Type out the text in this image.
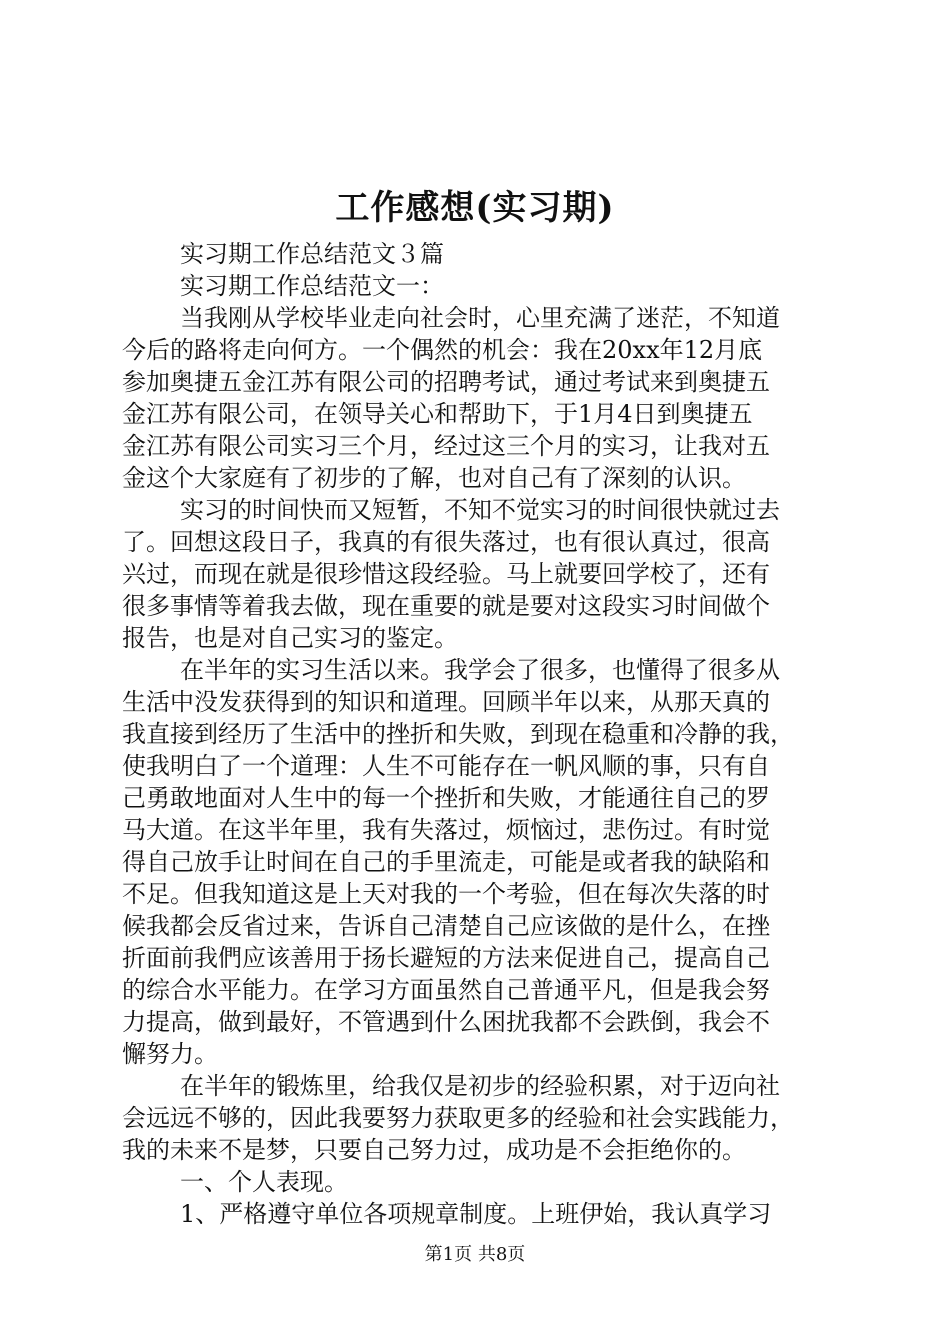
工作感想(实习期)
实习期工作总结范文３篇
实习期工作总结范文一：
当我刚从学校毕业走向社会时，心里充满了迷茫，不知道
今后的路将走向何方。一个偶然的机会：我在20xx年12月底
参加奥捷五金江苏有限公司的招聘考试，通过考试来到奥捷五
金江苏有限公司，在领导关心和帮助下，于1月4日到奥捷五
金江苏有限公司实习三个月，经过这三个月的实习，让我对五
金这个大家庭有了初步的了解，也对自己有了深刻的认识。
实习的时间快而又短暂，不知不觉实习的时间很快就过去
了。回想这段日子，我真的有很失落过，也有很认真过，很高
兴过，而现在就是很珍惜这段经验。马上就要回学校了，还有
很多事情等着我去做，现在重要的就是要对这段实习时间做个
报告，也是对自己实习的鉴定。
在半年的实习生活以来。我学会了很多，也懂得了很多从
生活中没发获得到的知识和道理。回顾半年以来，从那天真的
我直接到经历了生活中的挫折和失败，到现在稳重和冷静的我，
使我明白了一个道理：人生不可能存在一帆风顺的事，只有自
己勇敢地面对人生中的每一个挫折和失败，才能通往自己的罗
马大道。在这半年里，我有失落过，烦恼过，悲伤过。有时觉
得自己放手让时间在自己的手里流走，可能是或者我的缺陷和
不足。但我知道这是上天对我的一个考验，但在每次失落的时
候我都会反省过来，告诉自己清楚自己应该做的是什么，在挫
折面前我們应该善用于扬长避短的方法来促进自己，提高自己
的综合水平能力。在学习方面虽然自己普通平凡，但是我会努
力提高，做到最好，不管遇到什么困扰我都不会跌倒，我会不
懈努力。
在半年的锻炼里，给我仅是初步的经验积累，对于迈向社
会远远不够的，因此我要努力获取更多的经验和社会实践能力，
我的未来不是梦，只要自己努力过，成功是不会拒绝你的。
一、个人表现。
1、严格遵守单位各项规章制度。上班伊始，我认真学习
第1页 共8页
